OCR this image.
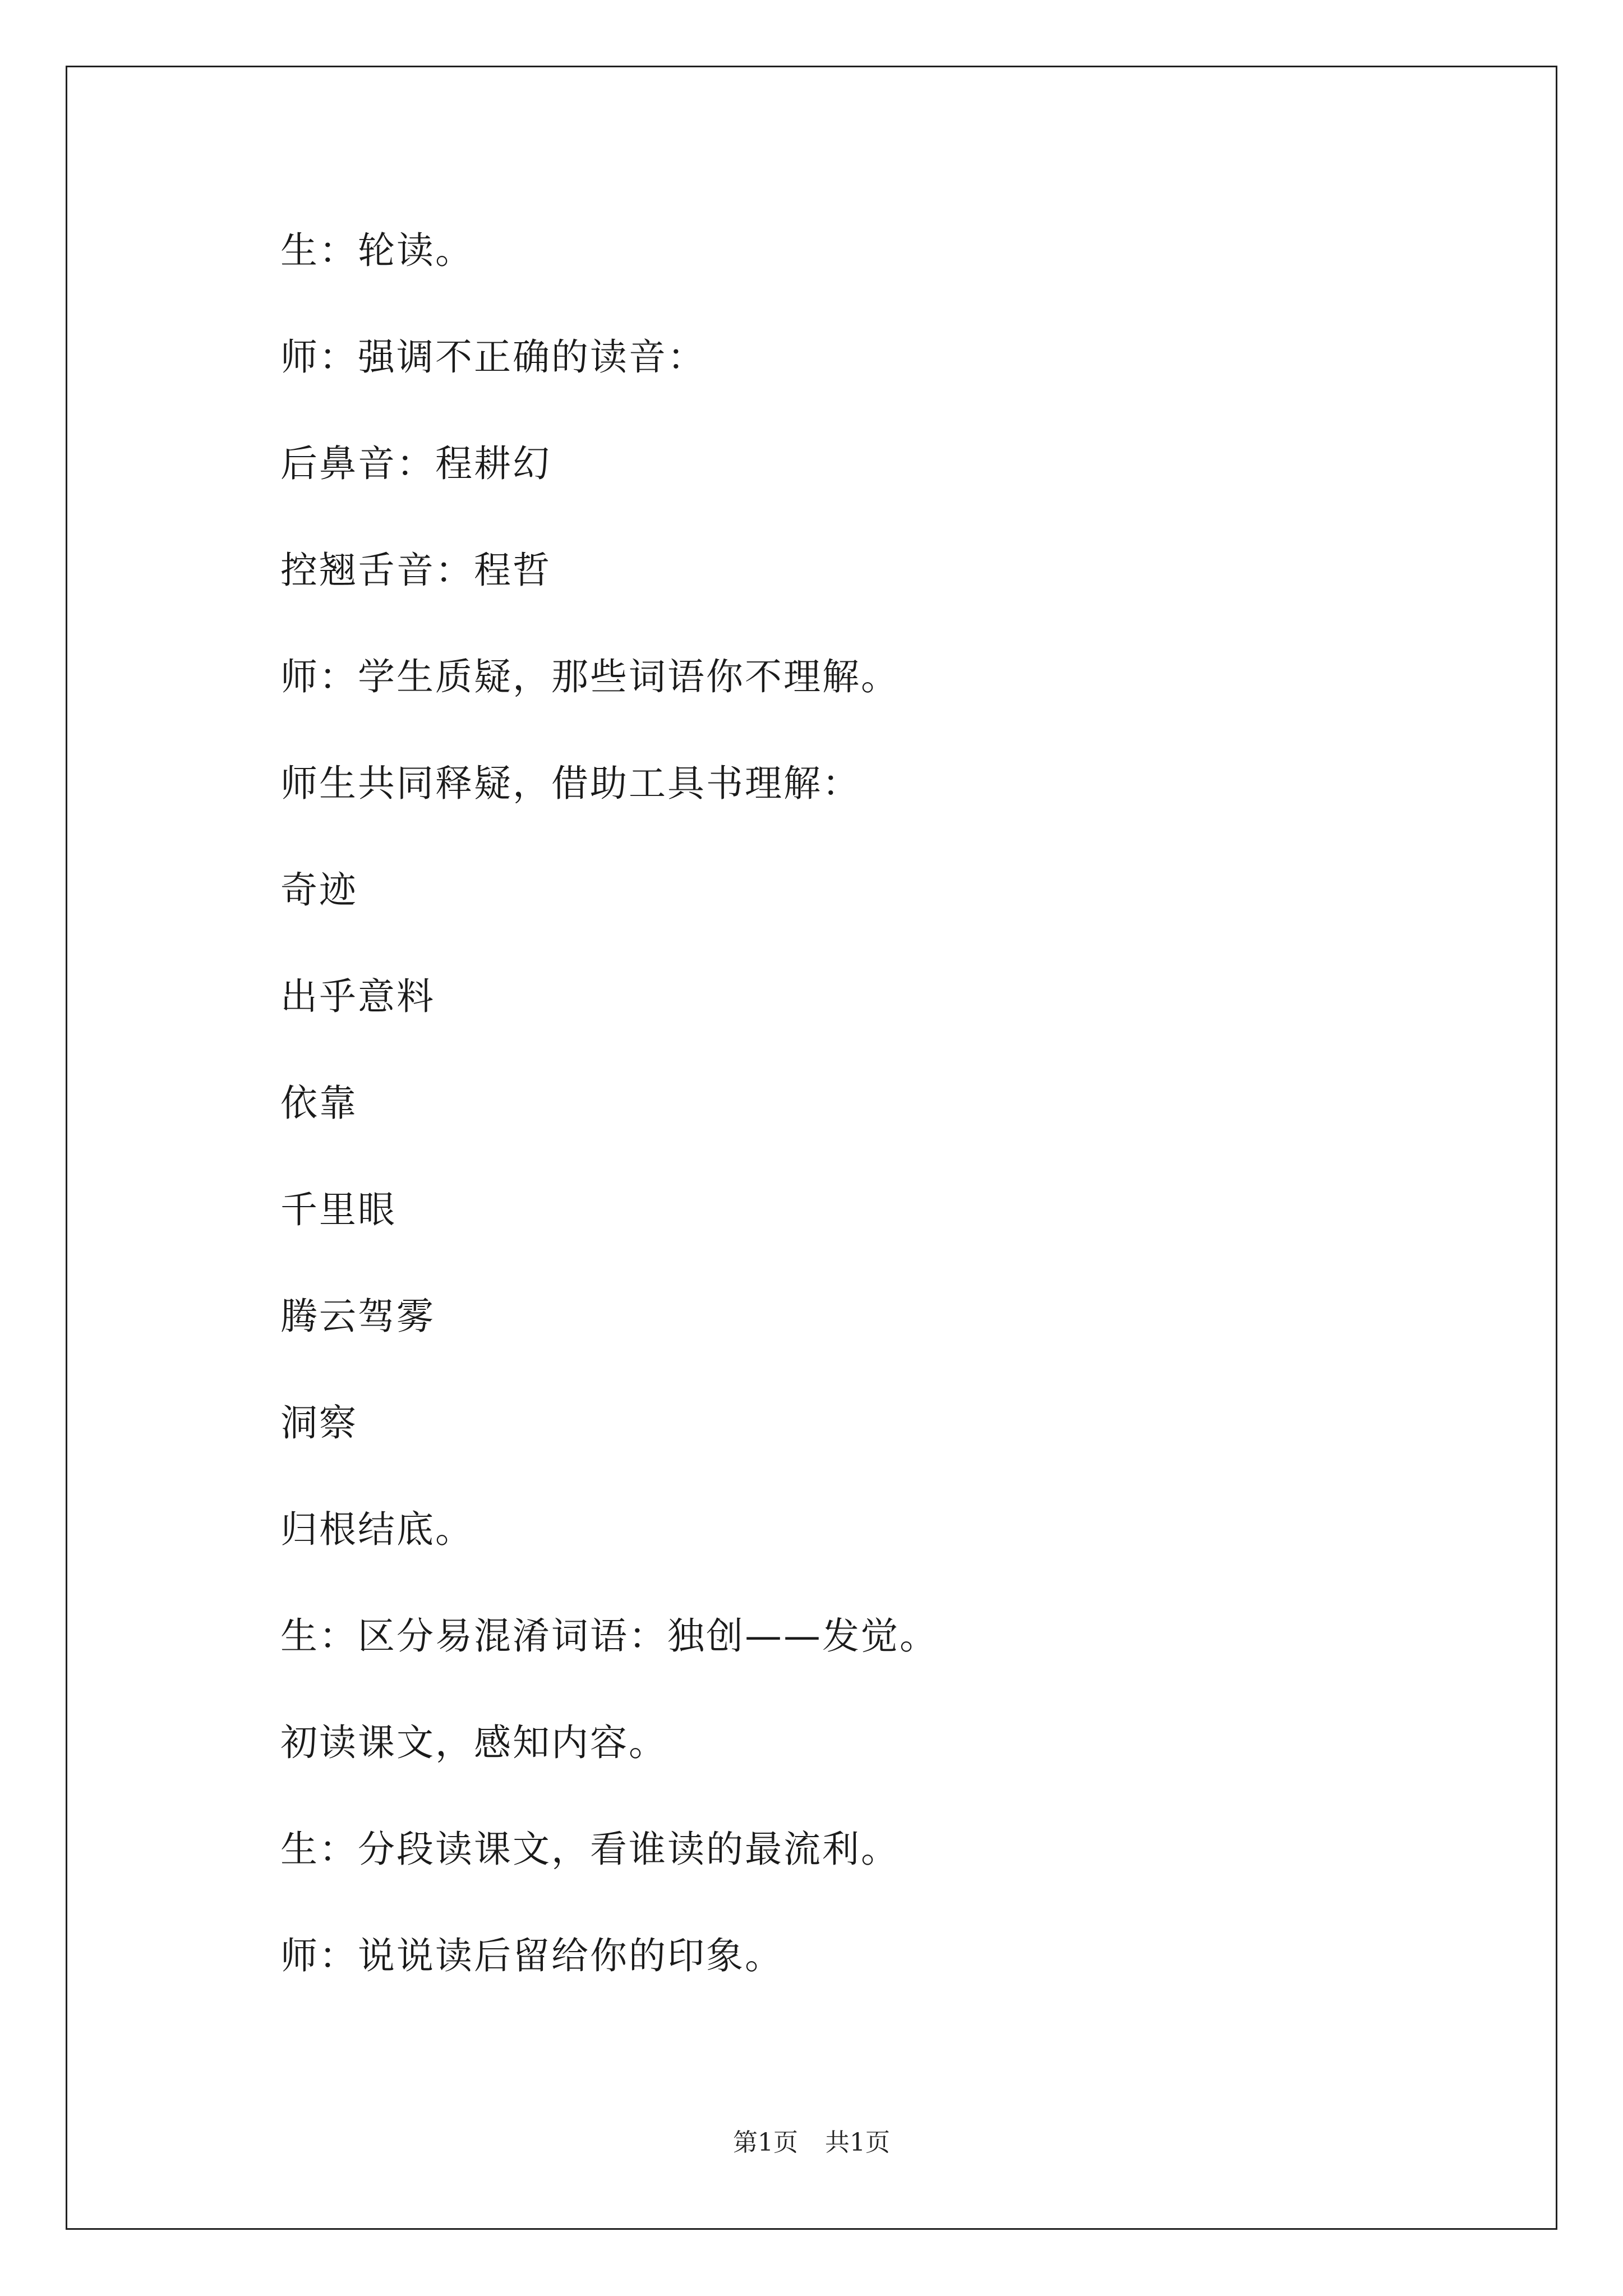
生：轮读。
师：强调不正确的读音：
后鼻音：程耕幻
控翘舌音：程哲
师：学生质疑，那些词语你不理解。
师生共同释疑，借助工具书理解：
奇迹
出乎意料
依靠
千里眼
腾云驾雾
洞察
归根结底。
生：区分易混淆词语：独创——发觉。
初读课文，感知内容。
生：分段读课文，看谁读的最流利。
师：说说读后留给你的印象。
第1页 共1页
